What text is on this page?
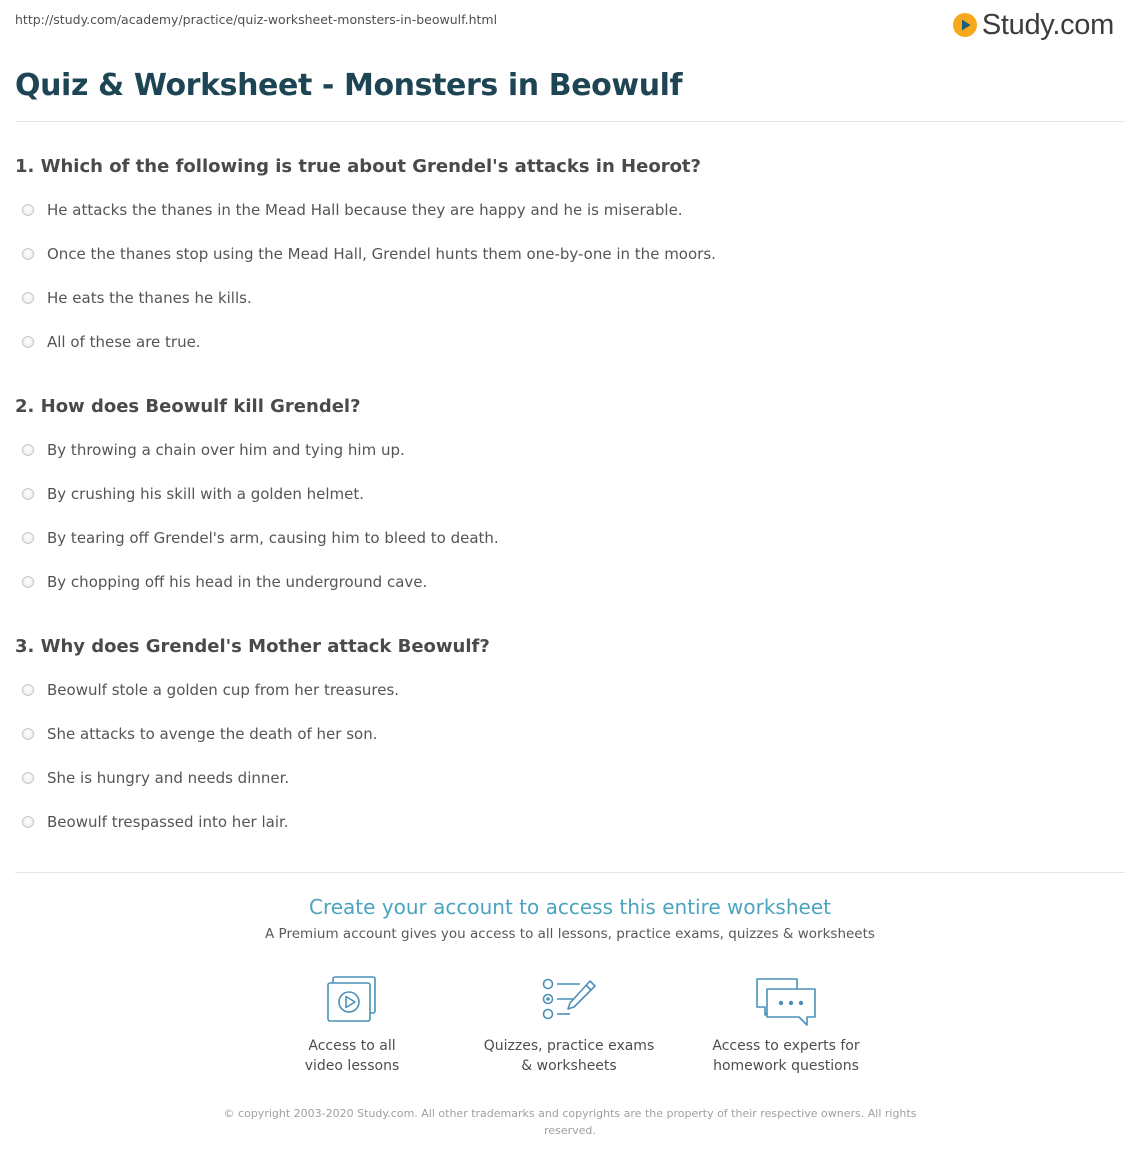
http://study.com/academy/practice/quiz-worksheet-monsters-in-beowulf.html	Study.com
Quiz & Worksheet - Monsters in Beowulf
1. Which of the following is true about Grendel's attacks in Heorot?
He attacks the thanes in the Mead Hall because they are happy and he is miserable.
Once the thanes stop using the Mead Hall, Grendel hunts them one-by-one in the moors.
He eats the thanes he kills.
All of these are true.
2. How does Beowulf kill Grendel?
By throwing a chain over him and tying him up.
By crushing his skill with a golden helmet.
By tearing off Grendel's arm, causing him to bleed to death.
By chopping off his head in the underground cave.
3. Why does Grendel's Mother attack Beowulf?
Beowulf stole a golden cup from her treasures.
She attacks to avenge the death of her son.
She is hungry and needs dinner.
Beowulf trespassed into her lair.
Create your account to access this entire worksheet
A Premium account gives you access to all lessons, practice exams, quizzes & worksheets
Access to all
video lessons
Quizzes, practice exams
& worksheets
Access to experts for
homework questions
© copyright 2003-2020 Study.com. All other trademarks and copyrights are the property of their respective owners. All rights reserved.
